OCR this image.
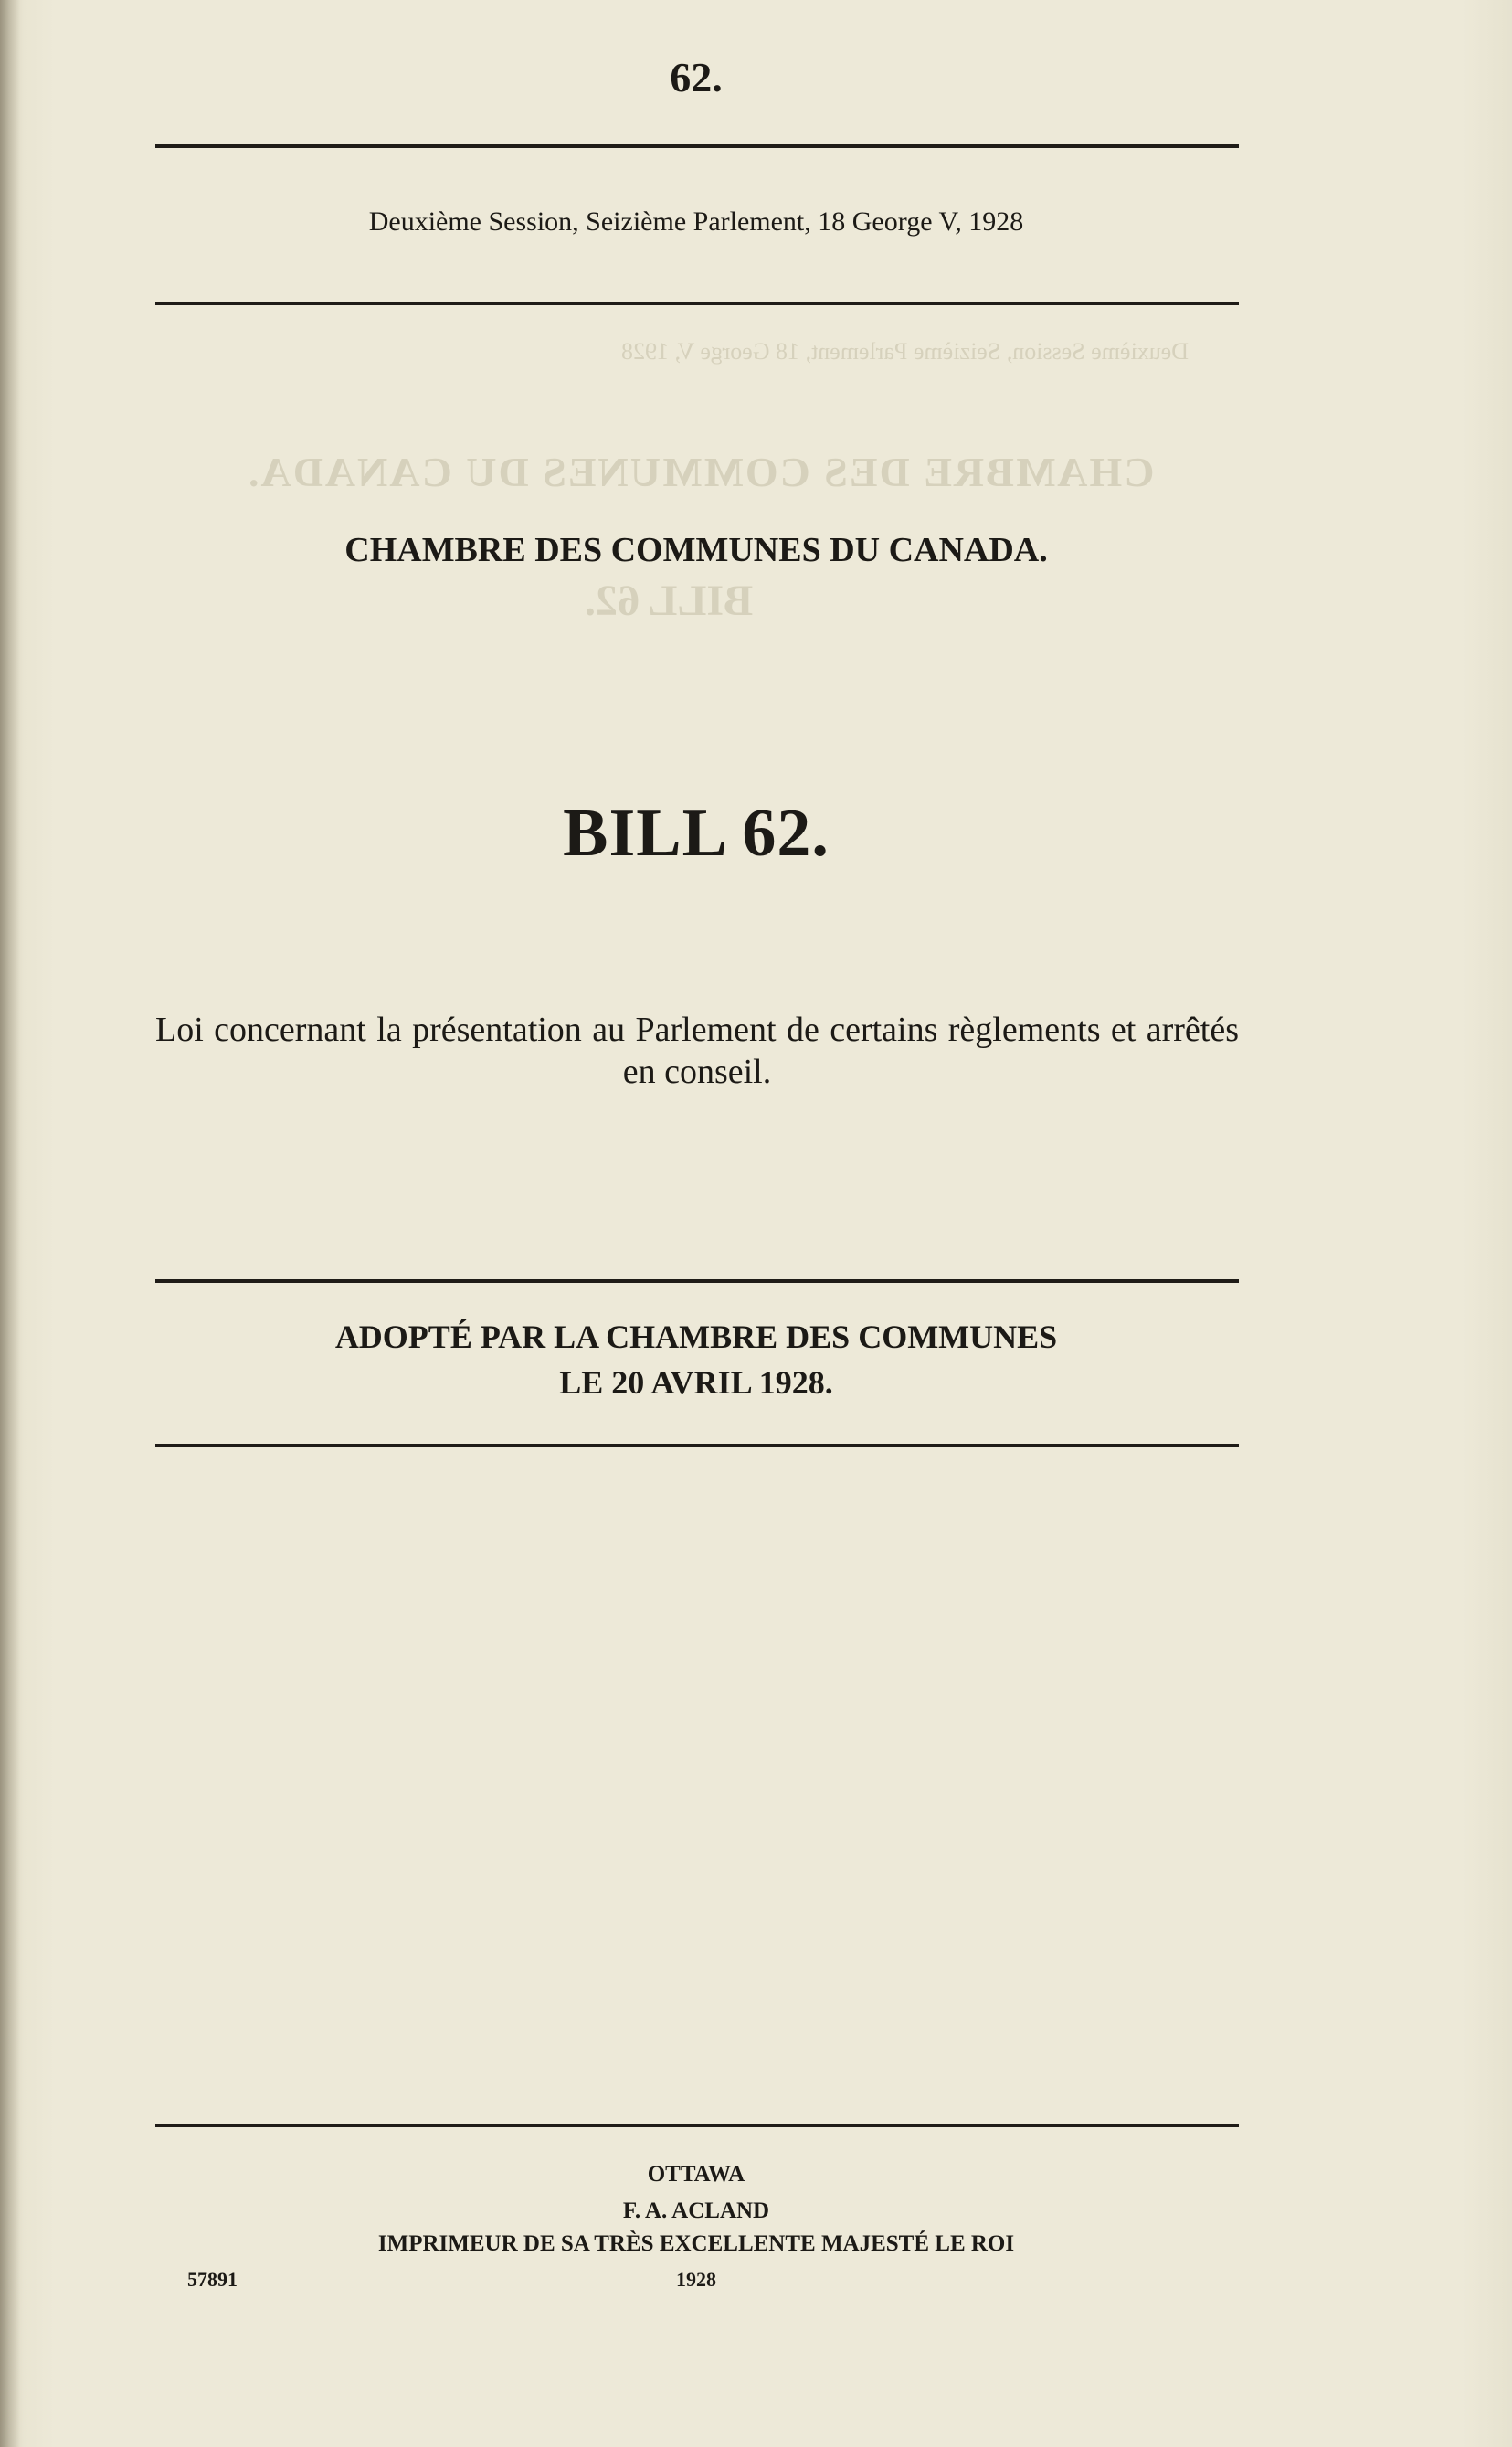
Deuxième Session, Seizième Parlement, 18 George V, 1928
CHAMBRE DES COMMUNES DU CANADA.
BILL 62.
62.
Deuxième Session, Seizième Parlement, 18 George V, 1928
CHAMBRE DES COMMUNES DU CANADA.
BILL 62.
Loi concernant la présentation au Parlement de certains règlements et arrêtés en conseil.
ADOPTÉ PAR LA CHAMBRE DES COMMUNES
LE 20 AVRIL 1928.
OTTAWA
F. A. ACLAND
IMPRIMEUR DE SA TRÈS EXCELLENTE MAJESTÉ LE ROI
57891	1928
